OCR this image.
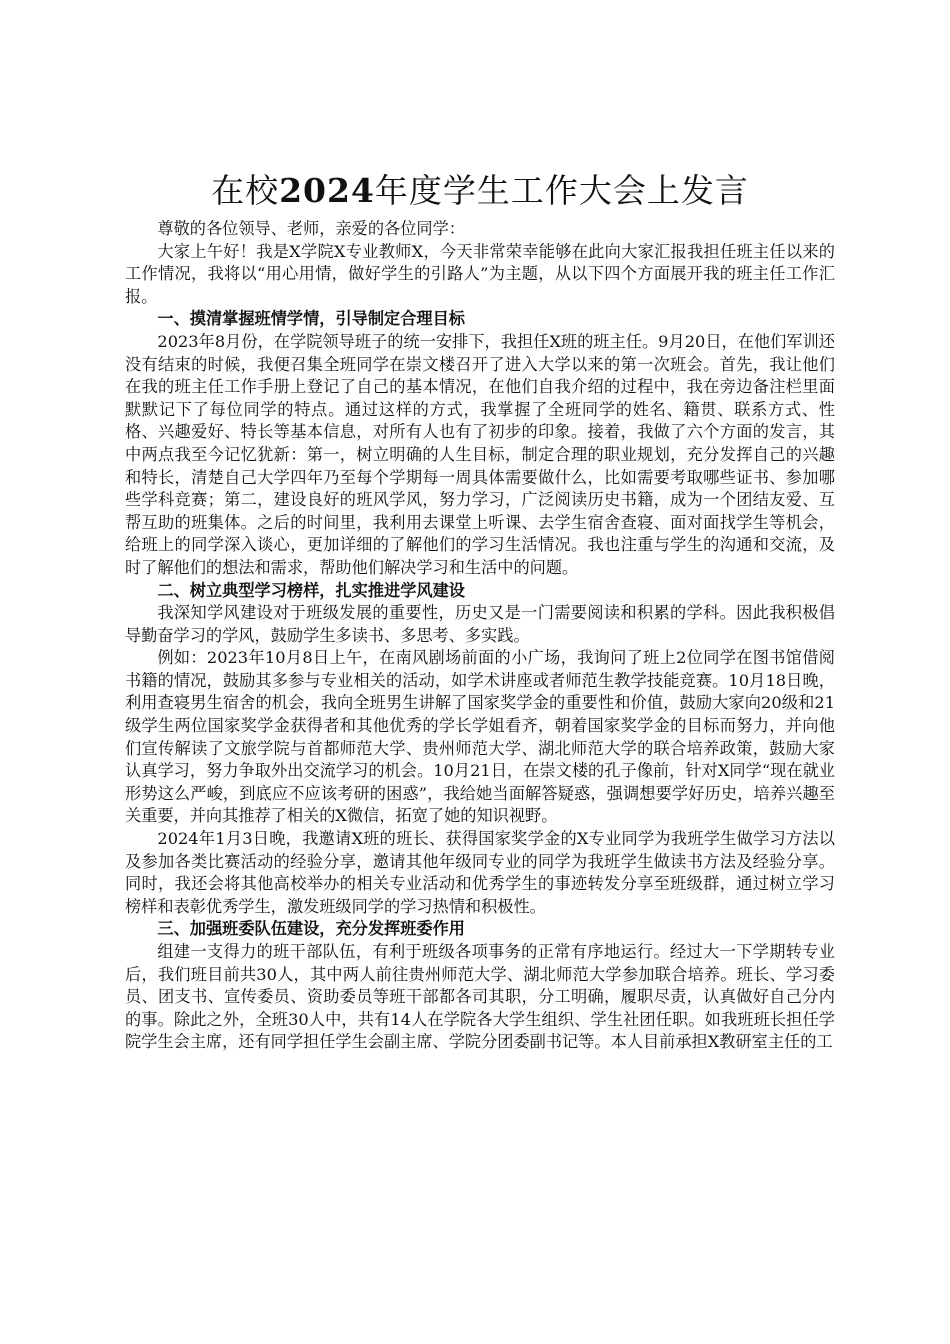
在校2024年度学生工作大会上发言

尊敬的各位领导、老师，亲爱的各位同学：

大家上午好！我是X学院X专业教师X，今天非常荣幸能够在此向大家汇报我担任班主任以来的工作情况，我将以“用心用情，做好学生的引路人”为主题，从以下四个方面展开我的班主任工作汇报。

一、摸清掌握班情学情，引导制定合理目标

2023年8月份，在学院领导班子的统一安排下，我担任X班的班主任。9月20日，在他们军训还没有结束的时候，我便召集全班同学在崇文楼召开了进入大学以来的第一次班会。首先，我让他们在我的班主任工作手册上登记了自己的基本情况，在他们自我介绍的过程中，我在旁边备注栏里面默默记下了每位同学的特点。通过这样的方式，我掌握了全班同学的姓名、籍贯、联系方式、性格、兴趣爱好、特长等基本信息，对所有人也有了初步的印象。接着，我做了六个方面的发言，其中两点我至今记忆犹新：第一，树立明确的人生目标，制定合理的职业规划，充分发挥自己的兴趣和特长，清楚自己大学四年乃至每个学期每一周具体需要做什么，比如需要考取哪些证书、参加哪些学科竞赛；第二，建设良好的班风学风，努力学习，广泛阅读历史书籍，成为一个团结友爱、互帮互助的班集体。之后的时间里，我利用去课堂上听课、去学生宿舍查寝、面对面找学生等机会，给班上的同学深入谈心，更加详细的了解他们的学习生活情况。我也注重与学生的沟通和交流，及时了解他们的想法和需求，帮助他们解决学习和生活中的问题。

二、树立典型学习榜样，扎实推进学风建设

我深知学风建设对于班级发展的重要性，历史又是一门需要阅读和积累的学科。因此我积极倡导勤奋学习的学风，鼓励学生多读书、多思考、多实践。

例如：2023年10月8日上午，在南风剧场前面的小广场，我询问了班上2位同学在图书馆借阅书籍的情况，鼓励其多参与专业相关的活动，如学术讲座或者师范生教学技能竞赛。10月18日晚，利用查寝男生宿舍的机会，我向全班男生讲解了国家奖学金的重要性和价值，鼓励大家向20级和21级学生两位国家奖学金获得者和其他优秀的学长学姐看齐，朝着国家奖学金的目标而努力，并向他们宣传解读了文旅学院与首都师范大学、贵州师范大学、湖北师范大学的联合培养政策，鼓励大家认真学习，努力争取外出交流学习的机会。10月21日，在崇文楼的孔子像前，针对X同学“现在就业形势这么严峻，到底应不应该考研的困惑”，我给她当面解答疑惑，强调想要学好历史，培养兴趣至关重要，并向其推荐了相关的X微信，拓宽了她的知识视野。

2024年1月3日晚，我邀请X班的班长、获得国家奖学金的X专业同学为我班学生做学习方法以及参加各类比赛活动的经验分享，邀请其他年级同专业的同学为我班学生做读书方法及经验分享。同时，我还会将其他高校举办的相关专业活动和优秀学生的事迹转发分享至班级群，通过树立学习榜样和表彰优秀学生，激发班级同学的学习热情和积极性。

三、加强班委队伍建设，充分发挥班委作用

组建一支得力的班干部队伍，有利于班级各项事务的正常有序地运行。经过大一下学期转专业后，我们班目前共30人，其中两人前往贵州师范大学、湖北师范大学参加联合培养。班长、学习委员、团支书、宣传委员、资助委员等班干部都各司其职，分工明确，履职尽责，认真做好自己分内的事。除此之外，全班30人中，共有14人在学院各大学生组织、学生社团任职。如我班班长担任学院学生会主席，还有同学担任学生会副主席、学院分团委副书记等。本人目前承担X教研室主任的工
